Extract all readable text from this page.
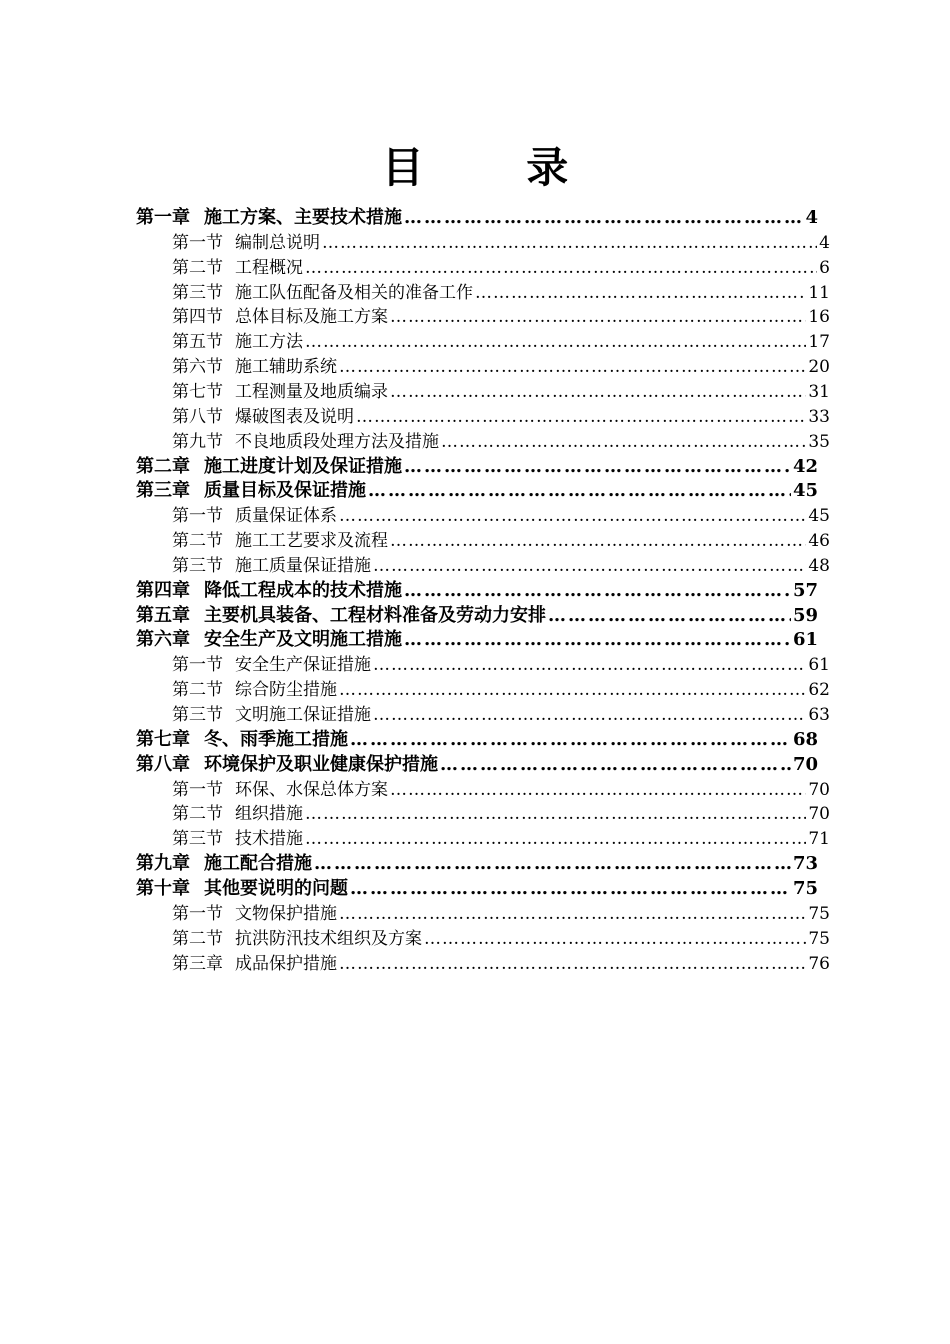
目 录
第一章 施工方案、主要技术措施 ……………………………………………………………………………………………………………………………………………………………………………………………………	4
第一节 编制总说明 ……………………………………………………………………………………………………………………………………………………………………………………………………	4
第二节 工程概况 ……………………………………………………………………………………………………………………………………………………………………………………………………	6
第三节 施工队伍配备及相关的准备工作 ……………………………………………………………………………………………………………………………………………………………………………………………………	11
第四节 总体目标及施工方案 ……………………………………………………………………………………………………………………………………………………………………………………………………	16
第五节 施工方法 ……………………………………………………………………………………………………………………………………………………………………………………………………	17
第六节 施工辅助系统 ……………………………………………………………………………………………………………………………………………………………………………………………………	20
第七节 工程测量及地质编录 ……………………………………………………………………………………………………………………………………………………………………………………………………	31
第八节 爆破图表及说明 ……………………………………………………………………………………………………………………………………………………………………………………………………	33
第九节 不良地质段处理方法及措施 ……………………………………………………………………………………………………………………………………………………………………………………………………	35
第二章 施工进度计划及保证措施 ……………………………………………………………………………………………………………………………………………………………………………………………………	42
第三章 质量目标及保证措施 ……………………………………………………………………………………………………………………………………………………………………………………………………	45
第一节 质量保证体系 ……………………………………………………………………………………………………………………………………………………………………………………………………	45
第二节 施工工艺要求及流程 ……………………………………………………………………………………………………………………………………………………………………………………………………	46
第三节 施工质量保证措施 ……………………………………………………………………………………………………………………………………………………………………………………………………	48
第四章 降低工程成本的技术措施 ……………………………………………………………………………………………………………………………………………………………………………………………………	57
第五章 主要机具装备、工程材料准备及劳动力安排 ……………………………………………………………………………………………………………………………………………………………………………………………………	59
第六章 安全生产及文明施工措施 ……………………………………………………………………………………………………………………………………………………………………………………………………	61
第一节 安全生产保证措施 ……………………………………………………………………………………………………………………………………………………………………………………………………	61
第二节 综合防尘措施 ……………………………………………………………………………………………………………………………………………………………………………………………………	62
第三节 文明施工保证措施 ……………………………………………………………………………………………………………………………………………………………………………………………………	63
第七章 冬、雨季施工措施 ……………………………………………………………………………………………………………………………………………………………………………………………………	68
第八章 环境保护及职业健康保护措施 ……………………………………………………………………………………………………………………………………………………………………………………………………	70
第一节 环保、水保总体方案 ……………………………………………………………………………………………………………………………………………………………………………………………………	70
第二节 组织措施 ……………………………………………………………………………………………………………………………………………………………………………………………………	70
第三节 技术措施 ……………………………………………………………………………………………………………………………………………………………………………………………………	71
第九章 施工配合措施 ……………………………………………………………………………………………………………………………………………………………………………………………………	73
第十章 其他要说明的问题 ……………………………………………………………………………………………………………………………………………………………………………………………………	75
第一节 文物保护措施 ……………………………………………………………………………………………………………………………………………………………………………………………………	75
第二节 抗洪防汛技术组织及方案 ……………………………………………………………………………………………………………………………………………………………………………………………………	75
第三章 成品保护措施 ……………………………………………………………………………………………………………………………………………………………………………………………………	76
